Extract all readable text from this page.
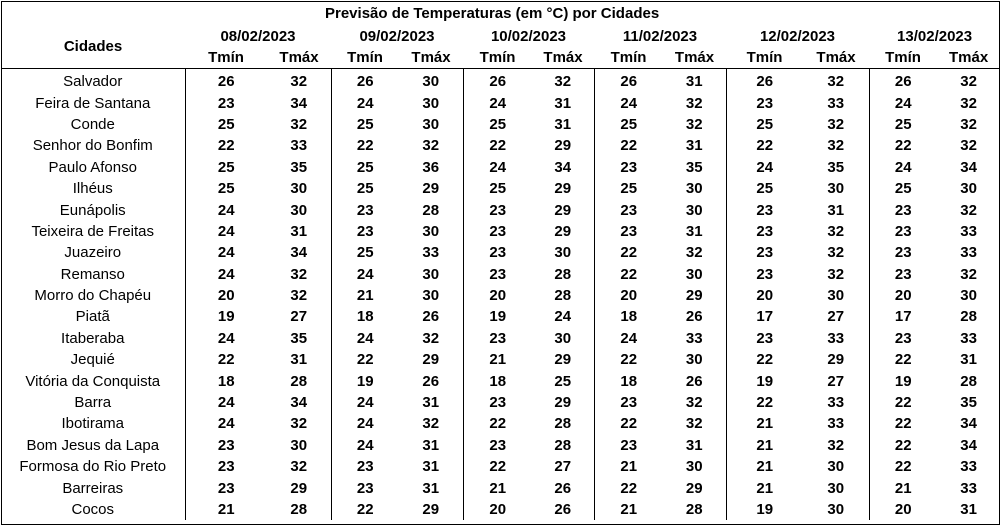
	Previsão de Temperaturas (em °C) por Cidades											
Cidades	08/02/2023		09/02/2023		10/02/2023		11/02/2023		12/02/2023		13/02/2023	
	Tmín	Tmáx	Tmín	Tmáx	Tmín	Tmáx	Tmín	Tmáx	Tmín	Tmáx	Tmín	Tmáx
Salvador	26	32	26	30	26	32	26	31	26	32	26	32
Feira de Santana	23	34	24	30	24	31	24	32	23	33	24	32
Conde	25	32	25	30	25	31	25	32	25	32	25	32
Senhor do Bonfim	22	33	22	32	22	29	22	31	22	32	22	32
Paulo Afonso	25	35	25	36	24	34	23	35	24	35	24	34
Ilhéus	25	30	25	29	25	29	25	30	25	30	25	30
Eunápolis	24	30	23	28	23	29	23	30	23	31	23	32
Teixeira de Freitas	24	31	23	30	23	29	23	31	23	32	23	33
Juazeiro	24	34	25	33	23	30	22	32	23	32	23	33
Remanso	24	32	24	30	23	28	22	30	23	32	23	32
Morro do Chapéu	20	32	21	30	20	28	20	29	20	30	20	30
Piatã	19	27	18	26	19	24	18	26	17	27	17	28
Itaberaba	24	35	24	32	23	30	24	33	23	33	23	33
Jequié	22	31	22	29	21	29	22	30	22	29	22	31
Vitória da Conquista	18	28	19	26	18	25	18	26	19	27	19	28
Barra	24	34	24	31	23	29	23	32	22	33	22	35
Ibotirama	24	32	24	32	22	28	22	32	21	33	22	34
Bom Jesus da Lapa	23	30	24	31	23	28	23	31	21	32	22	34
Formosa do Rio Preto	23	32	23	31	22	27	21	30	21	30	22	33
Barreiras	23	29	23	31	21	26	22	29	21	30	21	33
Cocos	21	28	22	29	20	26	21	28	19	30	20	31
